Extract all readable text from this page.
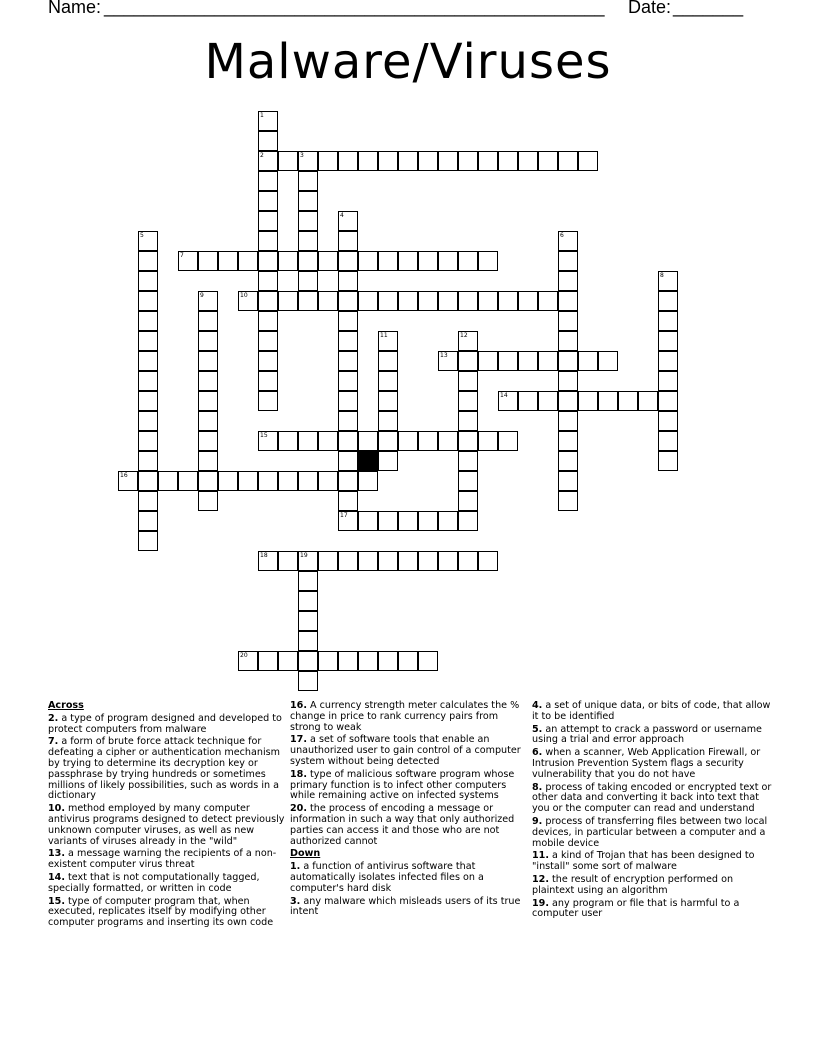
Name: __________________________________________________ Date: _______
Malware/Viruses
1
2	3
4
5	6
7
8
9	10
11	12
13
14
15
16
17
18	19
20
Across
2. a type of program designed and developed to protect computers from malware
7. a form of brute force attack technique for defeating a cipher or authentication mechanism by trying to determine its decryption key or passphrase by trying hundreds or sometimes millions of likely possibilities, such as words in a dictionary
10. method employed by many computer antivirus programs designed to detect previously unknown computer viruses, as well as new variants of viruses already in the "wild"
13. a message warning the recipients of a non-existent computer virus threat
14. text that is not computationally tagged, specially formatted, or written in code
15. type of computer program that, when executed, replicates itself by modifying other computer programs and inserting its own code
16. A currency strength meter calculates the % change in price to rank currency pairs from strong to weak
17. a set of software tools that enable an unauthorized user to gain control of a computer system without being detected
18. type of malicious software program whose primary function is to infect other computers while remaining active on infected systems
20. the process of encoding a message or information in such a way that only authorized parties can access it and those who are not authorized cannot
Down
1. a function of antivirus software that automatically isolates infected files on a computer's hard disk
3. any malware which misleads users of its true intent
4. a set of unique data, or bits of code, that allow it to be identified
5. an attempt to crack a password or username using a trial and error approach
6. when a scanner, Web Application Firewall, or Intrusion Prevention System flags a security vulnerability that you do not have
8. process of taking encoded or encrypted text or other data and converting it back into text that you or the computer can read and understand
9. process of transferring files between two local devices, in particular between a computer and a mobile device
11. a kind of Trojan that has been designed to "install" some sort of malware
12. the result of encryption performed on plaintext using an algorithm
19. any program or file that is harmful to a computer user
